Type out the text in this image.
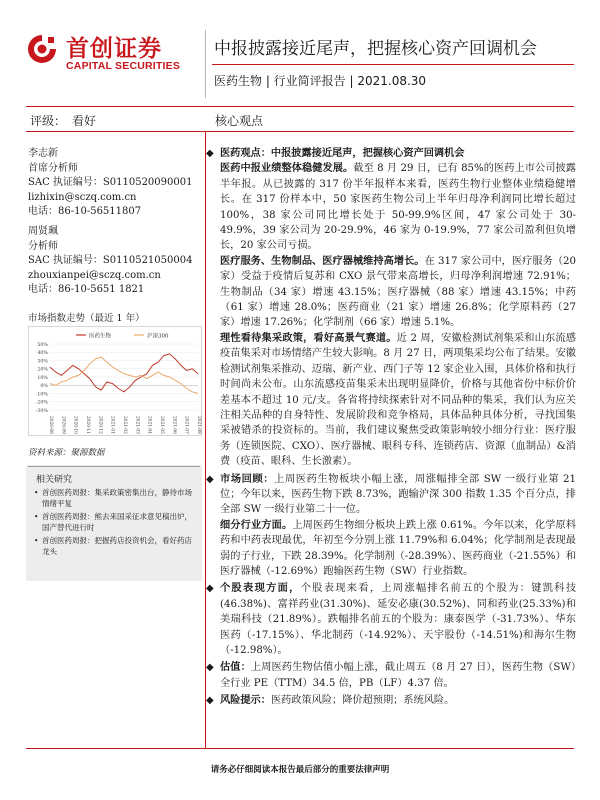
首创证券
CAPITAL SECURITIES
中报披露接近尾声，把握核心资产回调机会
医药生物 | 行业简评报告 | 2021.08.30
评级： 看好	核心观点
李志新
首席分析师
SAC 执证编号：S0110520090001
lizhixin@sczq.com.cn
电话：86-10-56511807
周贤珮
分析师
SAC 执证编号：S0110521050004
zhouxianpei@sczq.com.cn
电话：86-10-5651 1821
市场指数走势（最近 1 年）
医药生物	沪深300
50%
40%
30%
20%
10%
0%
-10%
-20%
-30%
2020-08 2020-09 2020-10 2020-11 2020-12 2021-01 2021-02 2021-03 2021-04 2021-05 2021-06 2021-07 2021-08
资料来源：聚源数据
相关研究
• 首创医药周报：集采政策密集出台，静待市场情绪平复
• 首创医药周报：熊去来国采征求意见稿出炉，国产替代进行时
• 首创医药周报：把握药店投资机会，看好药店龙头

◆ 医药观点：中报披露接近尾声，把握核心资产回调机会

医药中报业绩整体稳健发展。截至 8 月 29 日，已有 85%的医药上市公司披露半年报。从已披露的 317 份半年报样本来看，医药生物行业整体业绩稳健增长。在 317 份样本中，50 家医药生物公司上半年归母净利润同比增长超过 100%，38 家公司同比增长处于 50-99.9%区间，47 家公司处于 30-49.9%，39 家公司为 20-29.9%，46 家为 0-19.9%，77 家公司盈利但负增长，20 家公司亏损。

医疗服务、生物制品、医疗器械维持高增长。在 317 家公司中，医疗服务（20 家）受益于疫情后复苏和 CXO 景气带来高增长，归母净利润增速 72.91%；生物制品（34 家）增速 43.15%；医疗器械（88 家）增速 43.15%；中药（61 家）增速 28.0%；医药商业（21 家）增速 26.8%；化学原料药（27 家）增速 17.26%；化学制剂（66 家）增速 5.1%。

理性看待集采政策，看好高景气赛道。近 2 周，安徽检测试剂集采和山东流感疫苗集采对市场情绪产生较大影响。8 月 27 日，两项集采均公布了结果。安徽检测试剂集采推动、迈瑞、新产业、西门子等 12 家企业入围，具体价格和执行时间尚未公布。山东流感疫苗集采未出现明显降价，价格与其他省份中标价价差基本不超过 10 元/支。各省将持续探索针对不同品种的集采，我们认为应关注相关品种的自身特性、发展阶段和竞争格局，具体品种具体分析，寻找国集采被错杀的投资标的。当前，我们建议聚焦受政策影响较小细分行业：医疗服务（连锁医院、CXO）、医疗器械、眼科专科、连锁药店、资源（血制品）&消费（疫苗、眼科、生长激素）。

◆ 市场回顾：上周医药生物板块小幅上涨，周涨幅排全部 SW 一级行业第 21 位；今年以来，医药生物下跌 8.73%，跑输沪深 300 指数 1.35 个百分点，排全部 SW 一级行业第二十一位。

细分行业方面。上周医药生物细分板块上跌上涨 0.61%。今年以来，化学原料药和中药表现最优，年初至今分别上涨 11.79%和 6.04%；化学制剂是表现最弱的子行业，下跌 28.39%。化学制剂（-28.39%）、医药商业（-21.55%）和医疗器械（-12.69%）跑输医药生物（SW）行业指数。

◆ 个股表现方面，个股表现来看，上周涨幅排名前五的个股为：键凯科技(46.38%)、富祥药业(31.30%)、延安必康(30.52%)、同和药业(25.33%)和美瑞科技（21.89%）。跌幅排名前五的个股为：康泰医学（-31.73%）、华东医药（-17.15%）、华北制药（-14.92%）、天宇股份（-14.51%)和海尔生物（-12.98%）。

◆ 估值：上周医药生物估值小幅上涨，截止周五（8 月 27 日），医药生物（SW）全行业 PE（TTM）34.5 倍，PB（LF）4.37 倍。

◆ 风险提示：医药政策风险；降价超预期；系统风险。

请务必仔细阅读本报告最后部分的重要法律声明
